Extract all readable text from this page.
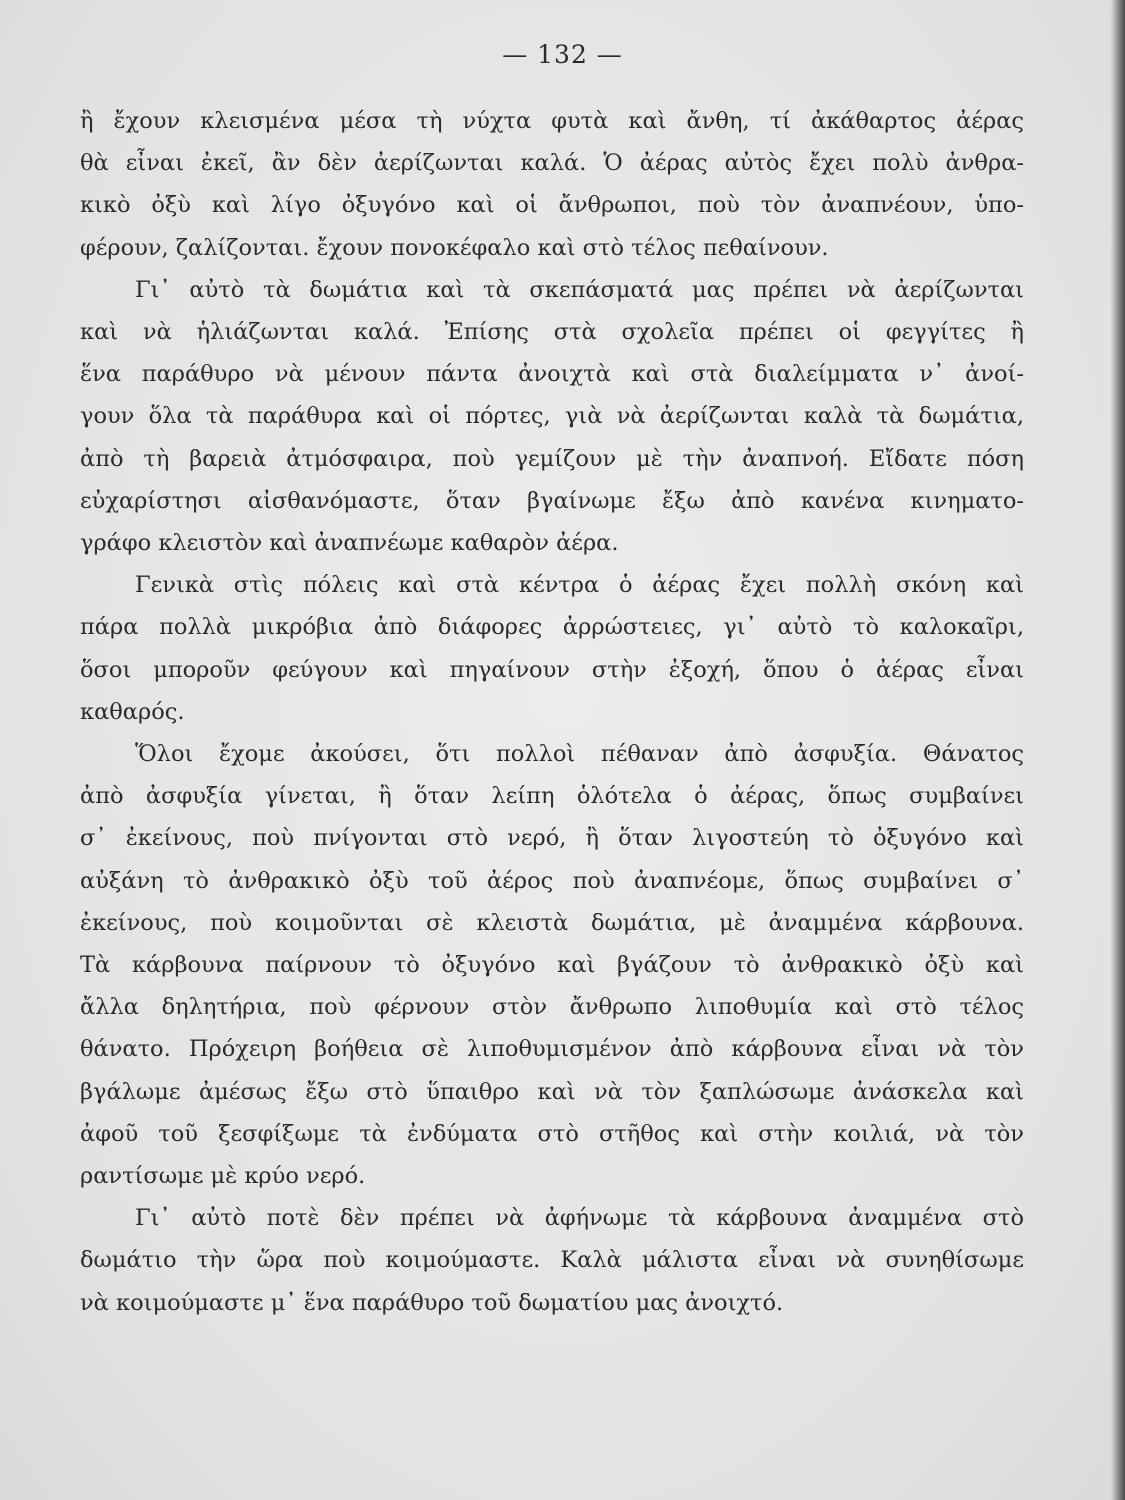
— 132 —

ἢ ἔχουν κλεισμένα μέσα τὴ νύχτα φυτὰ καὶ ἄνθη, τί ἀκάθαρτος ἀέρας
θὰ εἶναι ἐκεῖ, ἂν δὲν ἀερίζωνται καλά. Ὁ ἀέρας αὐτὸς ἔχει πολὺ ἀνθρα-
κικὸ ὀξὺ καὶ λίγο ὀξυγόνο καὶ οἱ ἄνθρωποι, ποὺ τὸν ἀναπνέουν, ὑπο-
φέρουν, ζαλίζονται. ἔχουν πονοκέφαλο καὶ στὸ τέλος πεθαίνουν.

Γι᾿ αὐτὸ τὰ δωμάτια καὶ τὰ σκεπάσματά μας πρέπει νὰ ἀερίζωνται
καὶ νὰ ἡλιάζωνται καλά. Ἐπίσης στὰ σχολεῖα πρέπει οἱ φεγγίτες ἢ
ἕνα παράθυρο νὰ μένουν πάντα ἀνοιχτὰ καὶ στὰ διαλείμματα ν᾿ ἀνοί-
γουν ὅλα τὰ παράθυρα καὶ οἱ πόρτες, γιὰ νὰ ἀερίζωνται καλὰ τὰ δωμάτια,
ἀπὸ τὴ βαρειὰ ἀτμόσφαιρα, ποὺ γεμίζουν μὲ τὴν ἀναπνοή. Εἴδατε πόση
εὐχαρίστησι αἰσθανόμαστε, ὅταν βγαίνωμε ἔξω ἀπὸ κανένα κινηματο-
γράφο κλειστὸν καὶ ἀναπνέωμε καθαρὸν ἀέρα.

Γενικὰ στὶς πόλεις καὶ στὰ κέντρα ὁ ἀέρας ἔχει πολλὴ σκόνη καὶ
πάρα πολλὰ μικρόβια ἀπὸ διάφορες ἀρρώστειες, γι᾿ αὐτὸ τὸ καλοκαῖρι,
ὅσοι μποροῦν φεύγουν καὶ πηγαίνουν στὴν ἐξοχή, ὅπου ὁ ἀέρας εἶναι
καθαρός.

Ὅλοι ἔχομε ἀκούσει, ὅτι πολλοὶ πέθαναν ἀπὸ ἀσφυξία. Θάνατος
ἀπὸ ἀσφυξία γίνεται, ἢ ὅταν λείπη ὁλότελα ὁ ἀέρας, ὅπως συμβαίνει
σ᾿ ἐκείνους, ποὺ πνίγονται στὸ νερό, ἢ ὅταν λιγοστεύη τὸ ὀξυγόνο καὶ
αὐξάνη τὸ ἀνθρακικὸ ὀξὺ τοῦ ἀέρος ποὺ ἀναπνέομε, ὅπως συμβαίνει σ᾿
ἐκείνους, ποὺ κοιμοῦνται σὲ κλειστὰ δωμάτια, μὲ ἀναμμένα κάρβουνα.
Τὰ κάρβουνα παίρνουν τὸ ὀξυγόνο καὶ βγάζουν τὸ ἀνθρακικὸ ὀξὺ καὶ
ἄλλα δηλητήρια, ποὺ φέρνουν στὸν ἄνθρωπο λιποθυμία καὶ στὸ τέλος
θάνατο. Πρόχειρη βοήθεια σὲ λιποθυμισμένον ἀπὸ κάρβουνα εἶναι νὰ τὸν
βγάλωμε ἀμέσως ἔξω στὸ ὕπαιθρο καὶ νὰ τὸν ξαπλώσωμε ἀνάσκελα καὶ
ἀφοῦ τοῦ ξεσφίξωμε τὰ ἐνδύματα στὸ στῆθος καὶ στὴν κοιλιά, νὰ τὸν
ραντίσωμε μὲ κρύο νερό.

Γι᾿ αὐτὸ ποτὲ δὲν πρέπει νὰ ἀφήνωμε τὰ κάρβουνα ἀναμμένα στὸ
δωμάτιο τὴν ὥρα ποὺ κοιμούμαστε. Καλὰ μάλιστα εἶναι νὰ συνηθίσωμε
νὰ κοιμούμαστε μ᾿ ἕνα παράθυρο τοῦ δωματίου μας ἀνοιχτό.
